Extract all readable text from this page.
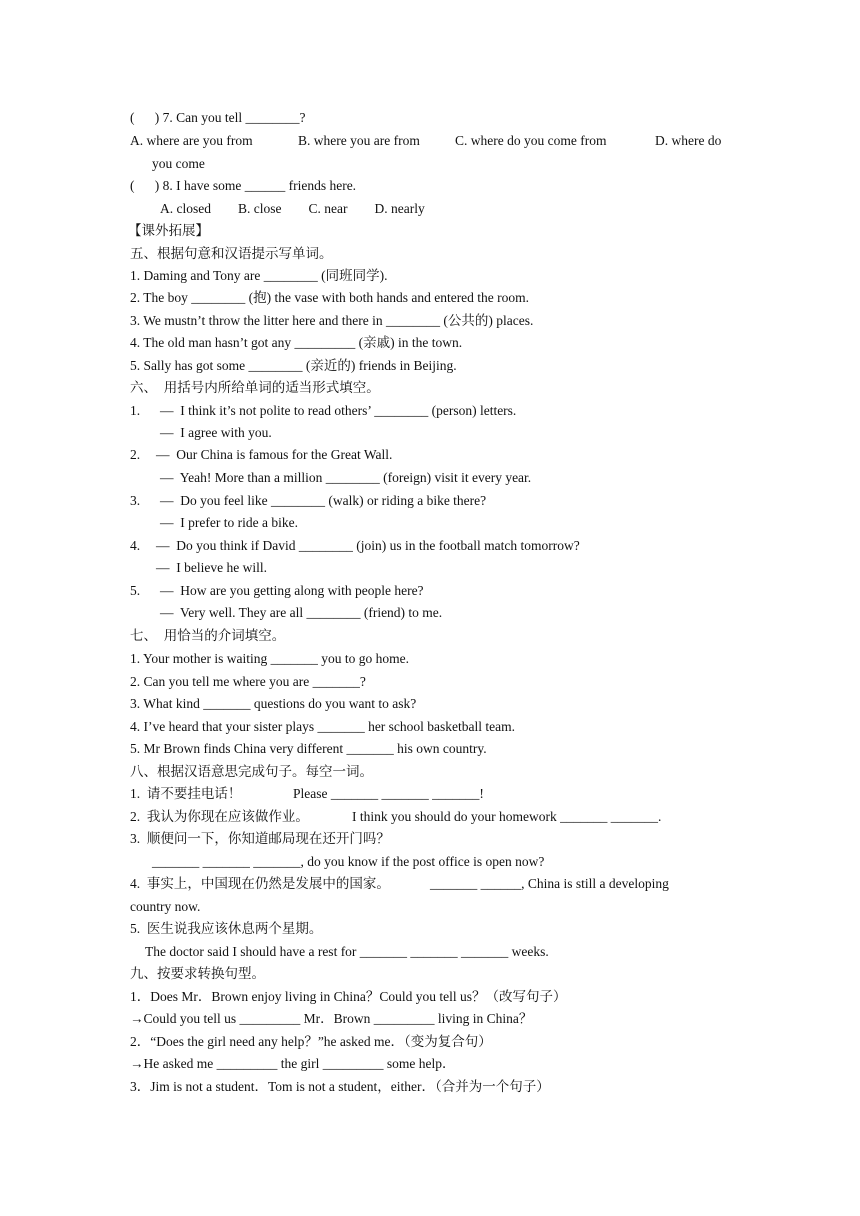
(      ) 7. Can you tell ________?
A. where are you from	B. where you are from	C. where do you come from	D. where do
you come
(      ) 8. I have some ______ friends here.
A. closed        B. close        C. near        D. nearly
【课外拓展】
五、根据句意和汉语提示写单词。
1. Daming and Tony are ________ (同班同学).
2. The boy ________ (抱) the vase with both hands and entered the room.
3. We mustn’t throw the litter here and there in ________ (公共的) places.
4. The old man hasn’t got any _________ (亲戚) in the town.
5. Sally has got some ________ (亲近的) friends in Beijing.
六、  用括号内所给单词的适当形式填空。
1. —  I think it’s not polite to read others’ ________ (person) letters.
—  I agree with you.
2. —  Our China is famous for the Great Wall.
—  Yeah! More than a million ________ (foreign) visit it every year.
3. —  Do you feel like ________ (walk) or riding a bike there?
—  I prefer to ride a bike.
4. —  Do you think if David ________ (join) us in the football match tomorrow?
—  I believe he will.
5. —  How are you getting along with people here?
—  Very well. They are all ________ (friend) to me.
七、  用恰当的介词填空。
1. Your mother is waiting _______ you to go home.
2. Can you tell me where you are _______?
3. What kind _______ questions do you want to ask?
4. I’ve heard that your sister plays _______ her school basketball team.
5. Mr Brown finds China very different _______ his own country.
八、根据汉语意思完成句子。每空一词。
1.  请不要挂电话！	Please _______ _______ _______!
2.  我认为你现在应该做作业。	I think you should do your homework _______ _______.
3.  顺便问一下，你知道邮局现在还开门吗？
_______ _______ _______, do you know if the post office is open now?
4.  事实上，中国现在仍然是发展中的国家。	_______ ______, China is still a developing
country now.
5.  医生说我应该休息两个星期。
The doctor said I should have a rest for _______ _______ _______ weeks.
九、按要求转换句型。
1．Does Mr．Brown enjoy living in China？Could you tell us？（改写句子）
→Could you tell us _________ Mr．Brown _________ living in China？
2．“Does the girl need any help？”he asked me．（变为复合句）
→He asked me _________ the girl _________ some help．
3．Jim is not a student．Tom is not a student，either．（合并为一个句子）
